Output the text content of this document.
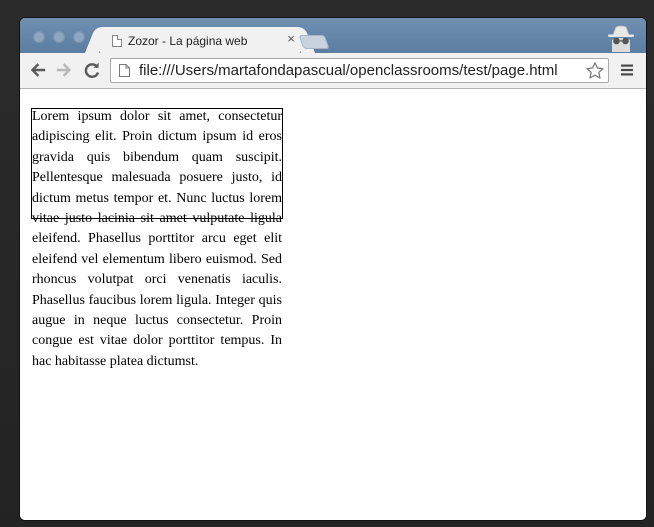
Zozor - La página web	×
file:///Users/martafondapascual/openclassrooms/test/page.html

Lorem ipsum dolor sit amet, consectetur adipiscing elit. Proin dictum ipsum id eros gravida quis bibendum quam suscipit. Pellentesque malesuada posuere justo, id dictum metus tempor et. Nunc luctus lorem vitae justo lacinia sit amet vulputate ligula eleifend. Phasellus porttitor arcu eget elit eleifend vel elementum libero euismod. Sed rhoncus volutpat orci venenatis iaculis. Phasellus faucibus lorem ligula. Integer quis augue in neque luctus consectetur. Proin congue est vitae dolor porttitor tempus. In hac habitasse platea dictumst.
